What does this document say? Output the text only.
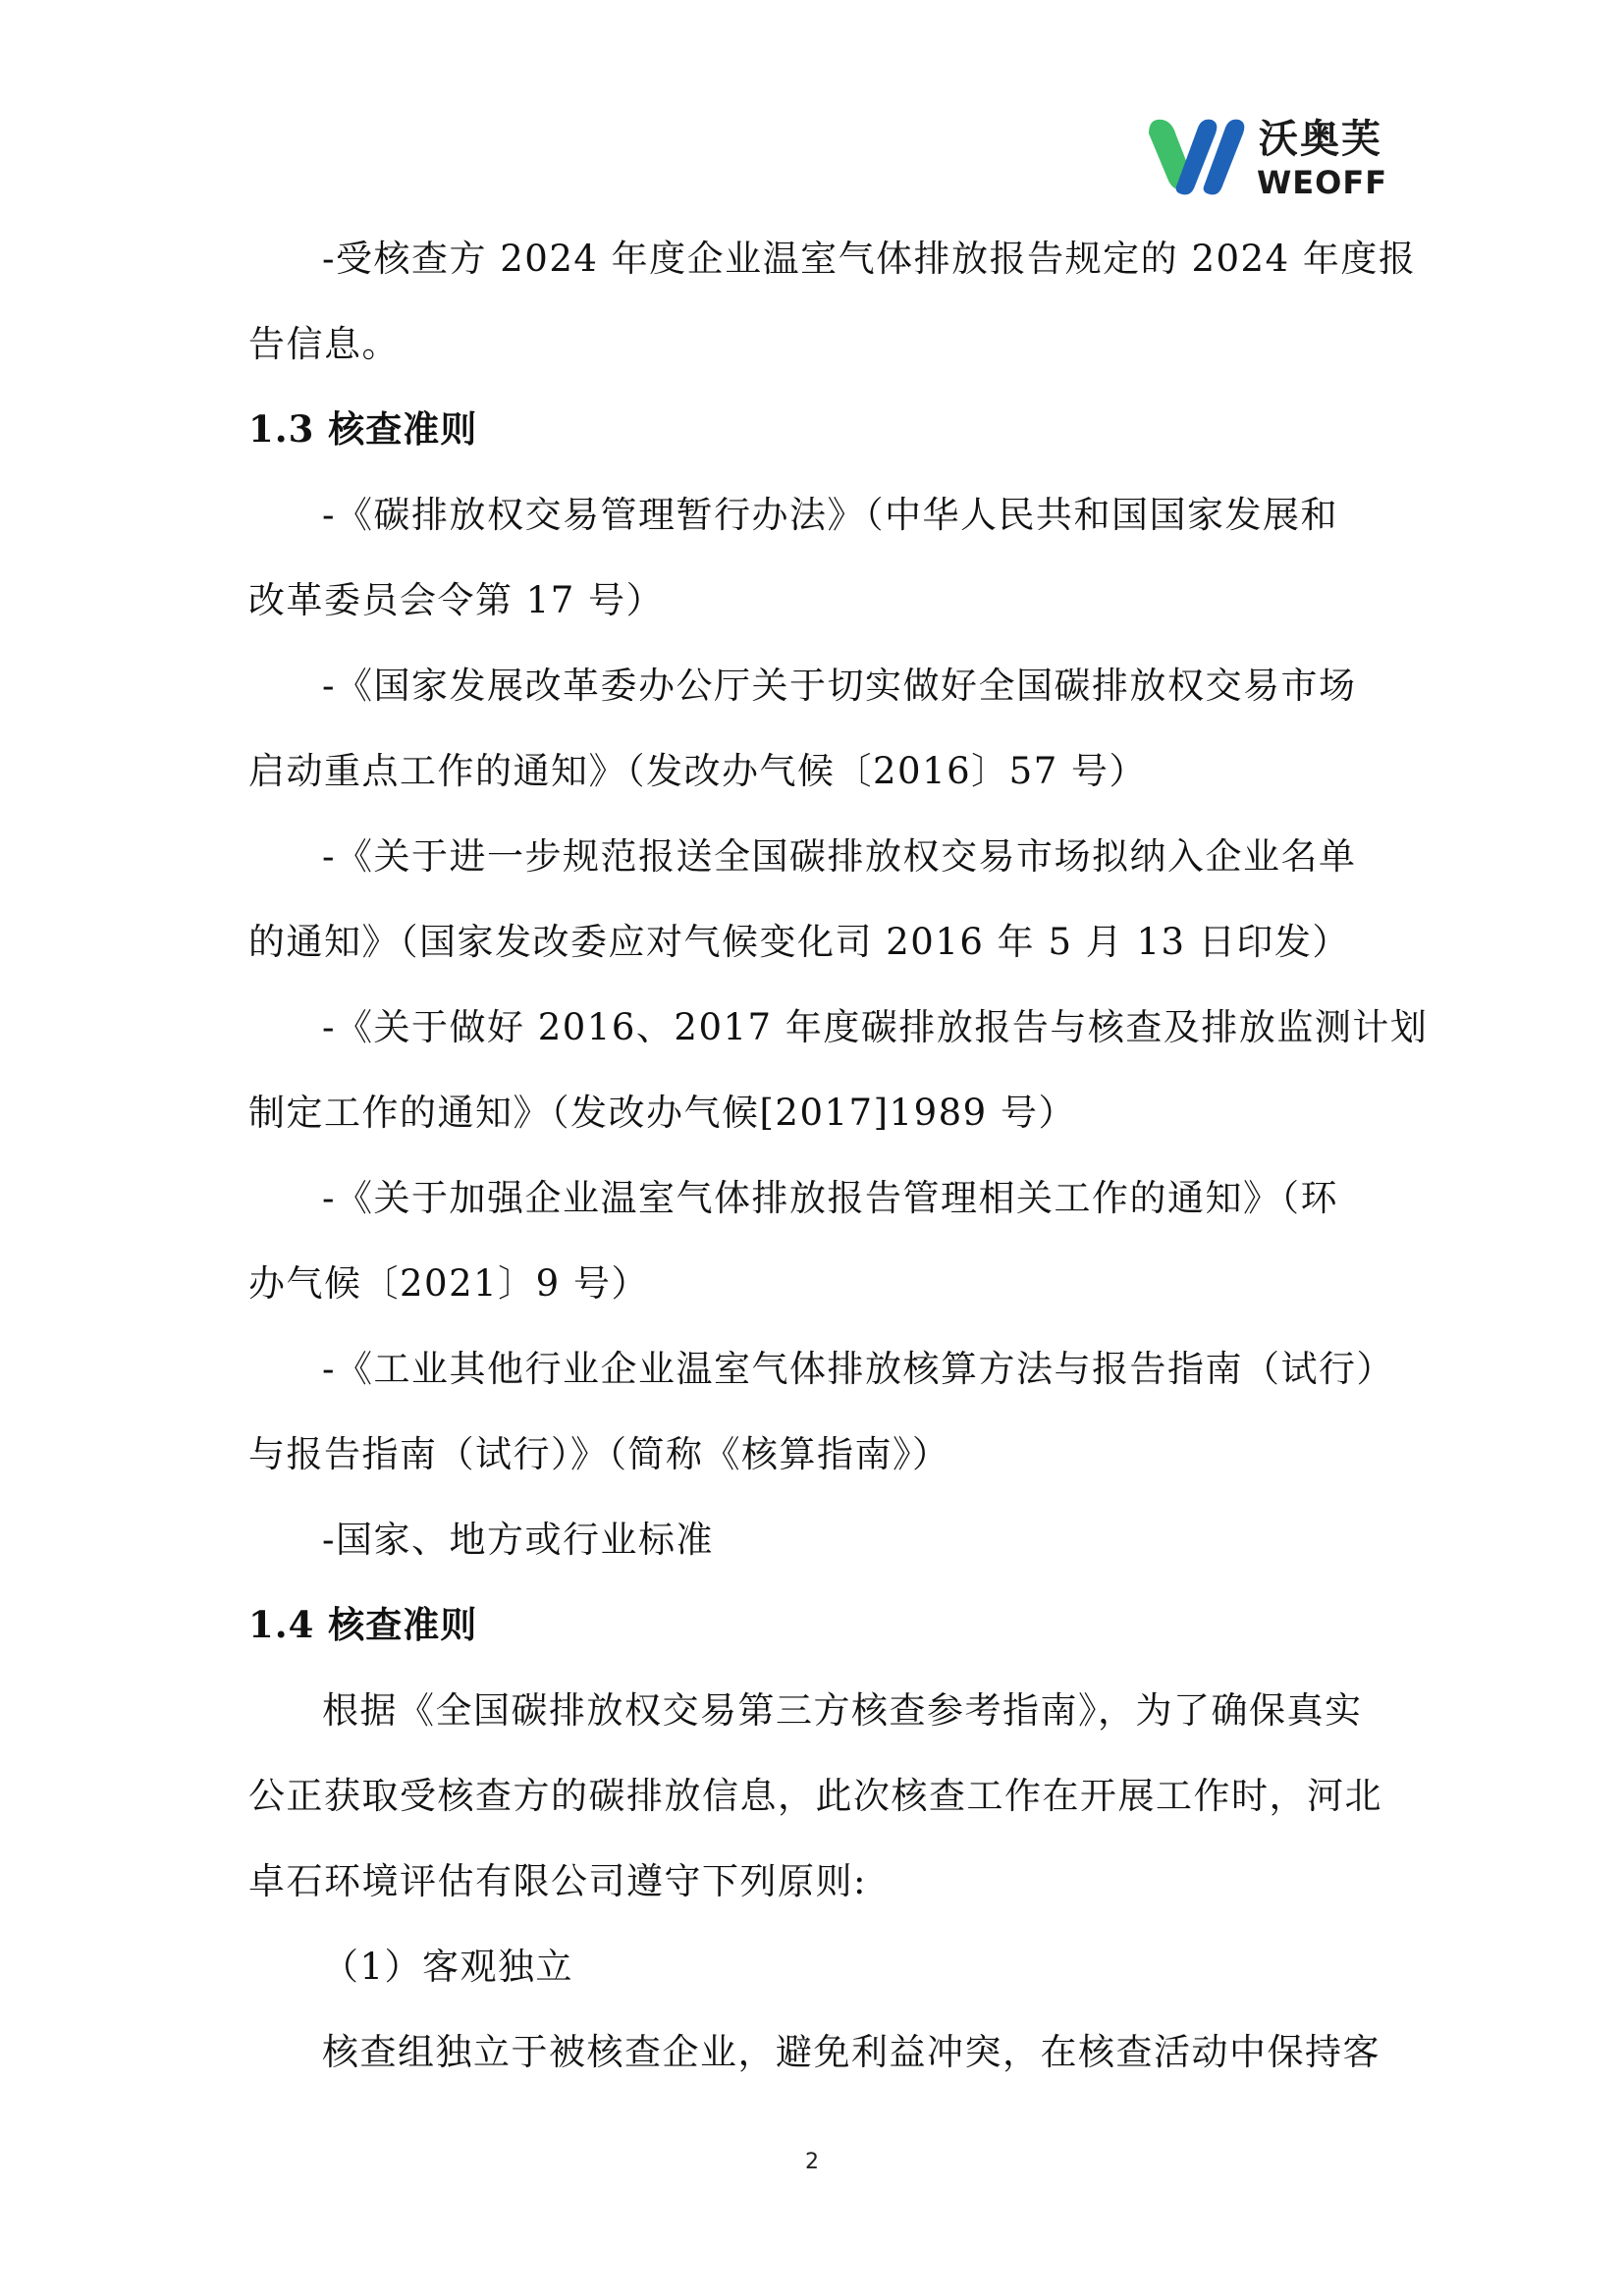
沃奥芙
WEOFF
-受核查方 2024 年度企业温室气体排放报告规定的 2024 年度报
告信息。
1.3 核查准则
-《碳排放权交易管理暂行办法》（中华人民共和国国家发展和
改革委员会令第 17 号）
-《国家发展改革委办公厅关于切实做好全国碳排放权交易市场
启动重点工作的通知》（发改办气候〔2016〕57 号）
-《关于进一步规范报送全国碳排放权交易市场拟纳入企业名单
的通知》（国家发改委应对气候变化司 2016 年 5 月 13 日印发）
-《关于做好 2016、2017 年度碳排放报告与核查及排放监测计划
制定工作的通知》（发改办气候[2017]1989 号）
-《关于加强企业温室气体排放报告管理相关工作的通知》（环
办气候〔2021〕9 号）
-《工业其他行业企业温室气体排放核算方法与报告指南（试行）
与报告指南（试行）》（简称《核算指南》）
-国家、地方或行业标准
1.4 核查准则
根据《全国碳排放权交易第三方核查参考指南》，为了确保真实
公正获取受核查方的碳排放信息，此次核查工作在开展工作时，河北
卓石环境评估有限公司遵守下列原则:
（1）客观独立
核查组独立于被核查企业，避免利益冲突，在核查活动中保持客
2
